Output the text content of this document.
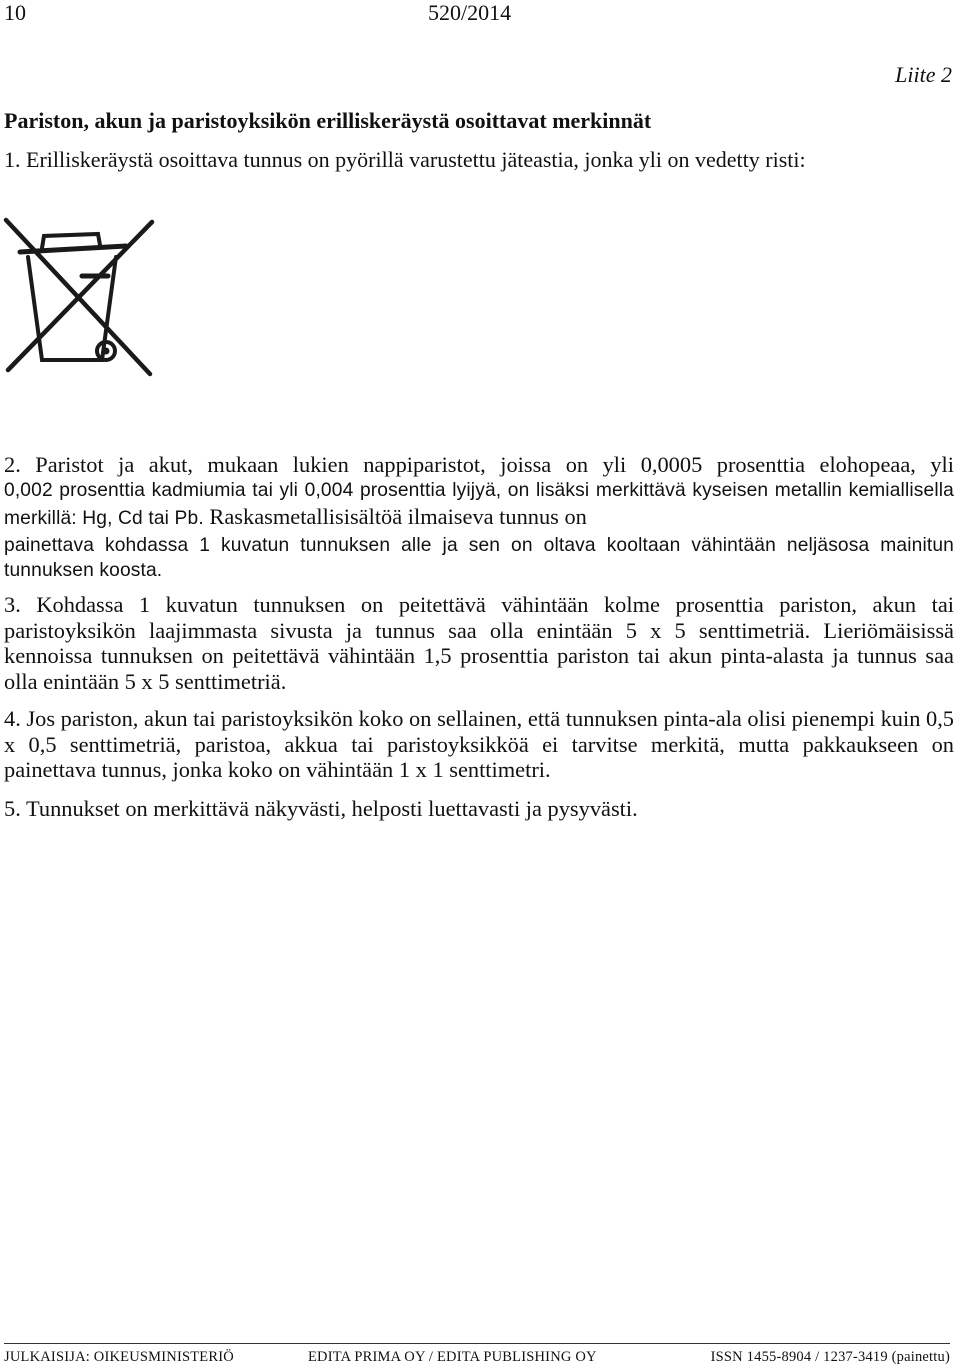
10	520/2014
Liite 2
Pariston, akun ja paristoyksikön erilliskeräystä osoittavat merkinnät
1. Erilliskeräystä osoittava tunnus on pyörillä varustettu jäteastia, jonka yli on vedetty risti:
2. Paristot ja akut, mukaan lukien nappiparistot, joissa on yli 0,0005 prosenttia elohopeaa, yli
0,002 prosenttia kadmiumia tai yli 0,004 prosenttia lyijyä, on lisäksi merkittävä kyseisen metallin kemiallisella merkillä: Hg, Cd tai Pb. Raskasmetallisisältöä ilmaiseva tunnus on
painettava kohdassa 1 kuvatun tunnuksen alle ja sen on oltava kooltaan vähintään neljäsosa mainitun tunnuksen koosta.
3. Kohdassa 1 kuvatun tunnuksen on peitettävä vähintään kolme prosenttia pariston, akun tai paristoyksikön laajimmasta sivusta ja tunnus saa olla enintään 5 x 5 senttimetriä. Lieriömäisissä kennoissa tunnuksen on peitettävä vähintään 1,5 prosenttia pariston tai akun pinta-alasta ja tunnus saa olla enintään 5 x 5 senttimetriä.
4. Jos pariston, akun tai paristoyksikön koko on sellainen, että tunnuksen pinta-ala olisi pienempi kuin 0,5 x 0,5 senttimetriä, paristoa, akkua tai paristoyksikköä ei tarvitse merkitä, mutta pakkaukseen on painettava tunnus, jonka koko on vähintään 1 x 1 senttimetri.
5. Tunnukset on merkittävä näkyvästi, helposti luettavasti ja pysyvästi.
JULKAISIJA: OIKEUSMINISTERIÖ	EDITA PRIMA OY / EDITA PUBLISHING OY	ISSN 1455-8904 / 1237-3419 (painettu)
